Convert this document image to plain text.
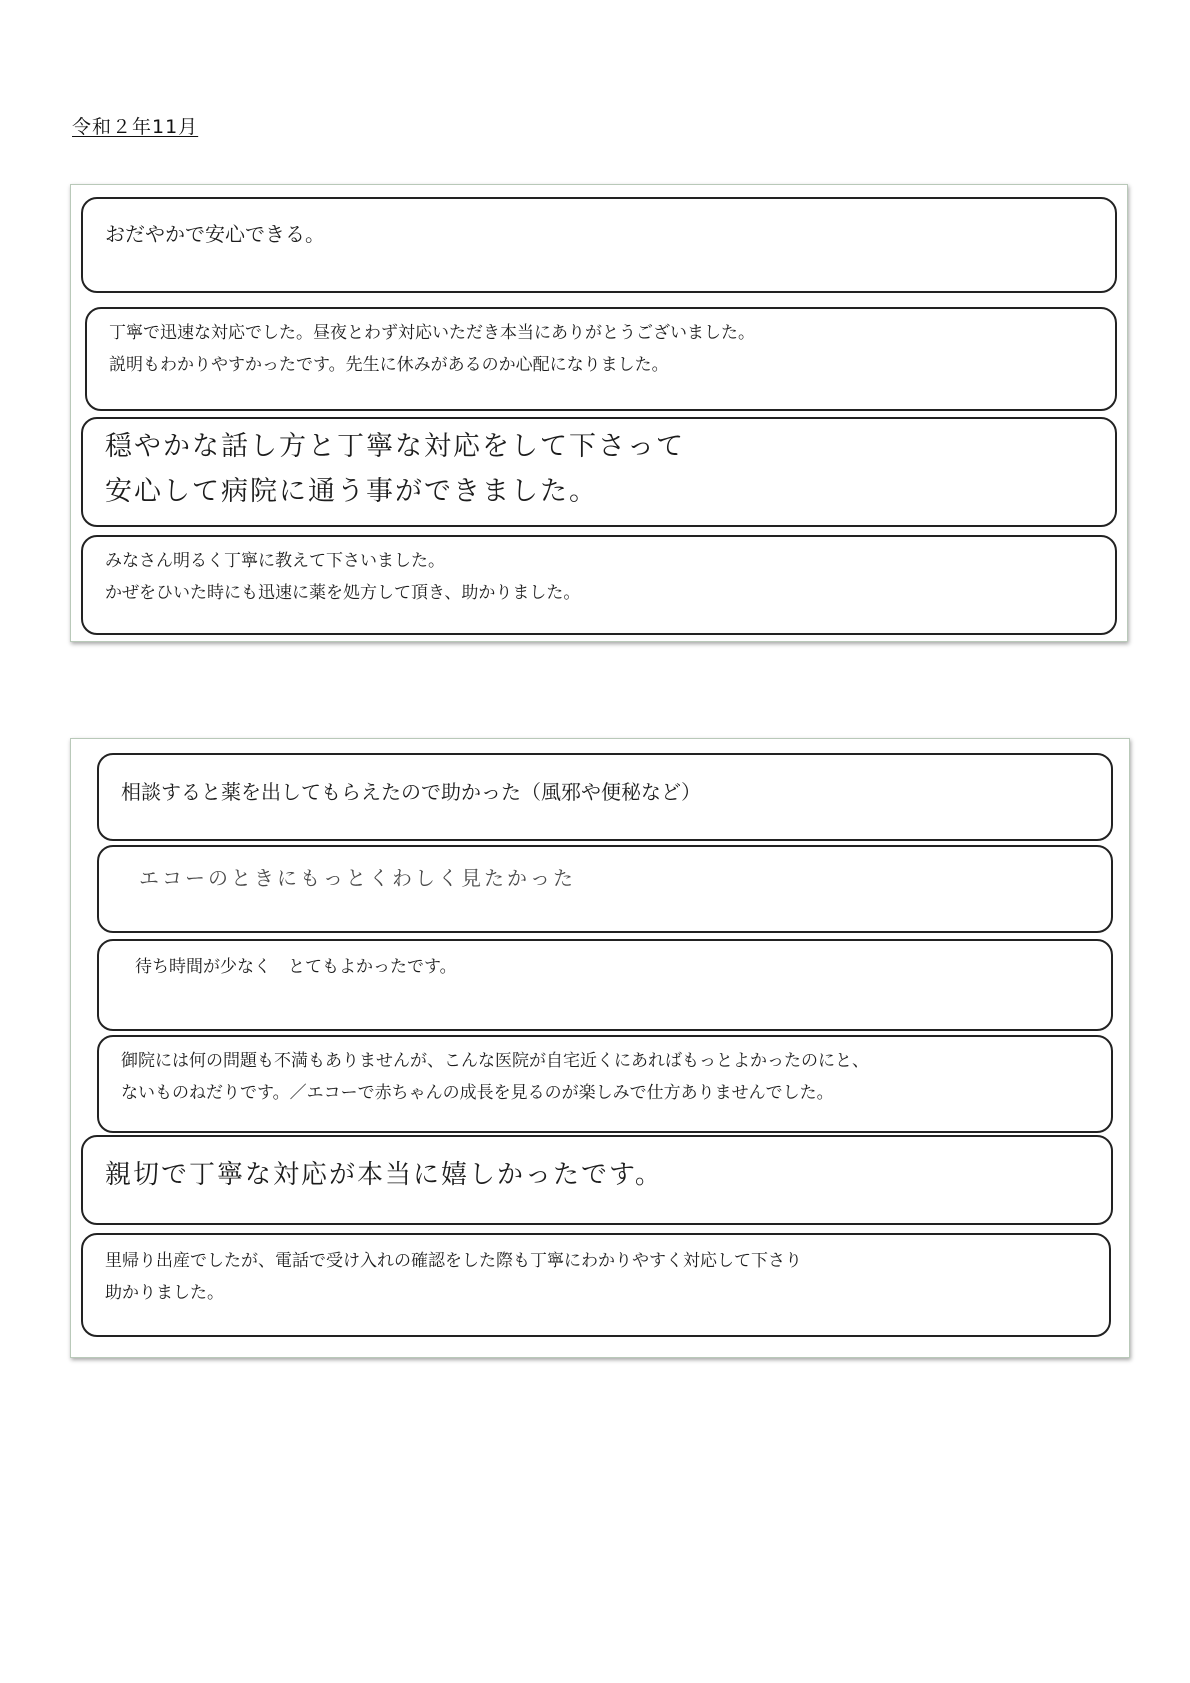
令和２年11月
おだやかで安心できる。
丁寧で迅速な対応でした。昼夜とわず対応いただき本当にありがとうございました。
説明もわかりやすかったです。先生に休みがあるのか心配になりました。
穏やかな話し方と丁寧な対応をして下さって
安心して病院に通う事ができました。
みなさん明るく丁寧に教えて下さいました。
かぜをひいた時にも迅速に薬を処方して頂き、助かりました。
相談すると薬を出してもらえたので助かった（風邪や便秘など）
エコーのときにもっとくわしく見たかった
待ち時間が少なく　とてもよかったです。
御院には何の問題も不満もありませんが、こんな医院が自宅近くにあればもっとよかったのにと、
ないものねだりです。／エコーで赤ちゃんの成長を見るのが楽しみで仕方ありませんでした。
親切で丁寧な対応が本当に嬉しかったです。
里帰り出産でしたが、電話で受け入れの確認をした際も丁寧にわかりやすく対応して下さり
助かりました。
